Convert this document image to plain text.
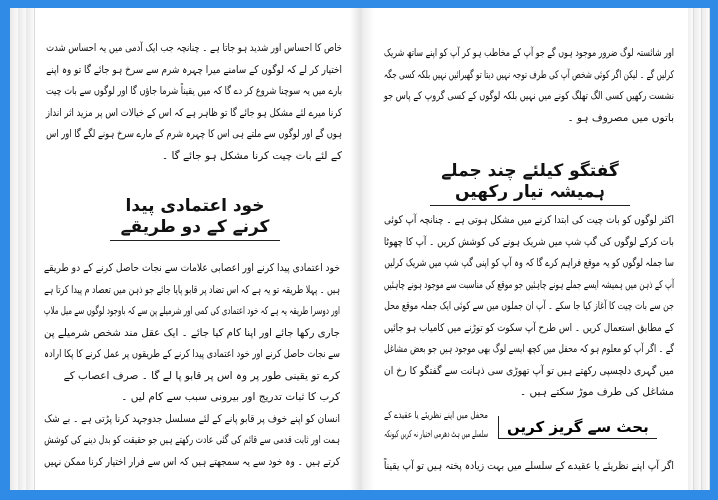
خاص کا احساس اور شدید ہو جاتا ہے ۔ چنانچہ جب ایک آدمی میں یہ احساس شدت
اختیار کر لے کہ لوگوں کے سامنے میرا چہرہ شرم سے سرخ ہو جائے گا تو وہ اپنے
بارے میں یہ سوچنا شروع کر دے گا کہ میں یقیناً شرما جاؤں گا اور لوگوں سے بات چیت
کرنا میرے لئے مشکل ہو جائے گا تو ظاہر ہے کہ اس کے خیالات اس پر مزید اثر انداز
ہوں گے اور لوگوں سے ملتے ہی اس کا چہرہ شرم کے مارے سرخ ہونے لگے گا اور اس
کے لئے بات چیت کرنا مشکل ہو جائے گا ۔
خود اعتمادی پیدا کرنے کے دو طریقے
خود اعتمادی پیدا کرنے اور اعصابی علامات سے نجات حاصل کرنے کے دو طریقے
ہیں ۔ پہلا طریقہ تو یہ ہے کہ اس تضاد پر قابو پایا جائے جو ذہن میں تعصاد م پیدا کرتا ہے
اور دوسرا طریقہ یہ ہے کہ خود اعتمادی کی کمی اور شرمیلے پن سے کہ باوجود لوگوں سے میل ملاپ
جاری رکھا جائے اور اپنا کام کیا جائے ۔ ایک عقل مند شخص شرمیلے پن
سے نجات حاصل کرنے اور خود اعتمادی پیدا کرنے کے طریقوں پر عمل کرنے کا پکا ارادہ
کرے تو یقینی طور پر وہ اس پر قابو پا لے گا ۔ صرف اعصاب کے
کرب کا ثبات تدریج اور بیرونی سبب سے کام لیں ۔
انسان کو اپنے خوف پر قابو پانے کے لئے مسلسل جدوجہد کرنا پڑتی ہے ۔ بے شک
ہمت اور ثابت قدمی سے قائم کی گئی عادت رکھتے ہیں جو حقیقت کو بدل دینے کی کوشش
کرتے ہیں ۔ وہ خود سے یہ سمجھتے ہیں کہ اس سے فرار اختیار کرنا ممکن نہیں
اور شائستہ لوگ ضرور موجود ہوں گے جو آپ کے مخاطب ہو کر آپ کو اپنے ساتھ شریک
کرلیں گے ۔ لیکن اگر کوئی شخص آپ کی طرف توجہ نہیں دیتا تو گھبرائیں نہیں بلکہ کسی جگہ
نشست رکھیں کسی الگ تھلگ کونے میں نہیں بلکہ لوگوں کے کسی گروپ کے پاس جو
باتوں میں مصروف ہو ۔
گفتگو کیلئے چند جملے ہمیشہ تیار رکھیں
اکثر لوگوں کو بات چیت کی ابتدا کرنے میں مشکل ہوتی ہے ۔ چنانچہ آپ کوئی
بات کرکے لوگوں کی گپ شپ میں شریک ہونے کی کوشش کریں ۔ آپ کا چھوٹا
سا جملہ لوگوں کو یہ موقع فراہم کرے گا کہ وہ آپ کو اپنی گپ شپ میں شریک کرلیں
آپ کے ذہن میں ہمیشہ ایسے جملے ہونے چاہئیں جو موقع کی مناسبت سے موجود ہونے چاہئیں
جن سے بات چیت کا آغاز کیا جا سکے ۔ آپ ان جملوں میں سے کوئی ایک جملہ موقع محل
کے مطابق استعمال کریں ۔ اس طرح آپ سکوت کو توڑنے میں کامیاب ہو جائیں
گے ۔ اگر آپ کو معلوم ہو کہ محفل میں کچھ ایسے لوگ بھی موجود ہیں جو بعض مشاغل
میں گہری دلچسپی رکھتے ہیں تو آپ تھوڑی سی ذہانت سے گفتگو کا رخ ان
مشاغل کی طرف موڑ سکتے ہیں ۔
بحث سے گریز کریں
محفل میں اپنے نظریئے یا عقیدے کے
سلسلے میں ہٹ دھرمی اختیار نہ کریں کیونکہ
اگر آپ اپنے نظریئے یا عقیدے کے سلسلے میں بہت زیادہ پختہ ہیں تو آپ یقیناً
